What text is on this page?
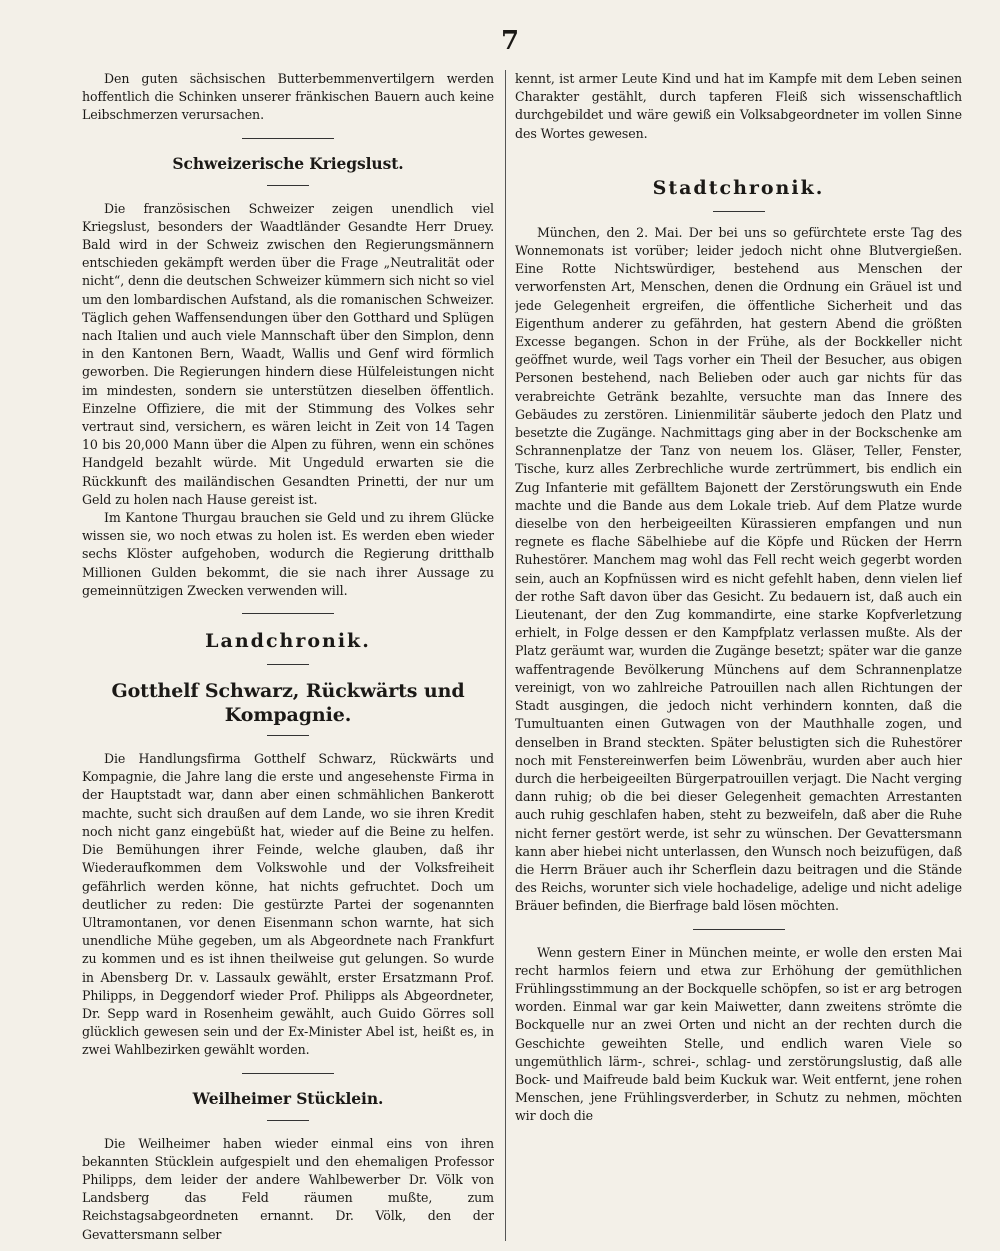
7

Den guten sächsischen Butterbemmenvertilgern werden hoffentlich die Schinken unserer fränkischen Bauern auch keine Leibschmerzen verursachen.

Schweizerische Kriegslust.

Die französischen Schweizer zeigen unendlich viel Kriegslust, besonders der Waadtländer Gesandte Herr Druey. Bald wird in der Schweiz zwischen den Regierungsmännern entschieden gekämpft werden über die Frage „Neutralität oder nicht“, denn die deutschen Schweizer kümmern sich nicht so viel um den lombardischen Aufstand, als die romanischen Schweizer. Täglich gehen Waffensendungen über den Gotthard und Splügen nach Italien und auch viele Mannschaft über den Simplon, denn in den Kantonen Bern, Waadt, Wallis und Genf wird förmlich geworben. Die Regierungen hindern diese Hülfeleistungen nicht im mindesten, sondern sie unterstützen dieselben öffentlich. Einzelne Offiziere, die mit der Stimmung des Volkes sehr vertraut sind, versichern, es wären leicht in Zeit von 14 Tagen 10 bis 20,000 Mann über die Alpen zu führen, wenn ein schönes Handgeld bezahlt würde. Mit Ungeduld erwarten sie die Rückkunft des mailändischen Gesandten Prinetti, der nur um Geld zu holen nach Hause gereist ist.

Im Kantone Thurgau brauchen sie Geld und zu ihrem Glücke wissen sie, wo noch etwas zu holen ist. Es werden eben wieder sechs Klöster aufgehoben, wodurch die Regierung dritthalb Millionen Gulden bekommt, die sie nach ihrer Aussage zu gemeinnützigen Zwecken verwenden will.

Landchronik.
Gotthelf Schwarz, Rückwärts und Kompagnie.

Die Handlungsfirma Gotthelf Schwarz, Rückwärts und Kompagnie, die Jahre lang die erste und angesehenste Firma in der Hauptstadt war, dann aber einen schmählichen Bankerott machte, sucht sich draußen auf dem Lande, wo sie ihren Kredit noch nicht ganz eingebüßt hat, wieder auf die Beine zu helfen. Die Bemühungen ihrer Feinde, welche glauben, daß ihr Wiederaufkommen dem Volkswohle und der Volksfreiheit gefährlich werden könne, hat nichts gefruchtet. Doch um deutlicher zu reden: Die gestürzte Partei der sogenannten Ultramontanen, vor denen Eisenmann schon warnte, hat sich unendliche Mühe gegeben, um als Abgeordnete nach Frankfurt zu kommen und es ist ihnen theilweise gut gelungen. So wurde in Abensberg Dr. v. Lassaulx gewählt, erster Ersatzmann Prof. Philipps, in Deggendorf wieder Prof. Philipps als Abgeordneter, Dr. Sepp ward in Rosenheim gewählt, auch Guido Görres soll glücklich gewesen sein und der Ex-Minister Abel ist, heißt es, in zwei Wahlbezirken gewählt worden.

Weilheimer Stücklein.

Die Weilheimer haben wieder einmal eins von ihren bekannten Stücklein aufgespielt und den ehemaligen Professor Philipps, dem leider der andere Wahlbewerber Dr. Völk von Landsberg das Feld räumen mußte, zum Reichstagsabgeordneten ernannt. Dr. Völk, den der Gevattersmann selber

kennt, ist armer Leute Kind und hat im Kampfe mit dem Leben seinen Charakter gestählt, durch tapferen Fleiß sich wissenschaftlich durchgebildet und wäre gewiß ein Volksabgeordneter im vollen Sinne des Wortes gewesen.

Stadtchronik.

München, den 2. Mai. Der bei uns so gefürchtete erste Tag des Wonnemonats ist vorüber; leider jedoch nicht ohne Blutvergießen. Eine Rotte Nichtswürdiger, bestehend aus Menschen der verworfensten Art, Menschen, denen die Ordnung ein Gräuel ist und jede Gelegenheit ergreifen, die öffentliche Sicherheit und das Eigenthum anderer zu gefährden, hat gestern Abend die größten Excesse begangen. Schon in der Frühe, als der Bockkeller nicht geöffnet wurde, weil Tags vorher ein Theil der Besucher, aus obigen Personen bestehend, nach Belieben oder auch gar nichts für das verabreichte Getränk bezahlte, versuchte man das Innere des Gebäudes zu zerstören. Linienmilitär säuberte jedoch den Platz und besetzte die Zugänge. Nachmittags ging aber in der Bockschenke am Schrannenplatze der Tanz von neuem los. Gläser, Teller, Fenster, Tische, kurz alles Zerbrechliche wurde zertrümmert, bis endlich ein Zug Infanterie mit gefälltem Bajonett der Zerstörungswuth ein Ende machte und die Bande aus dem Lokale trieb. Auf dem Platze wurde dieselbe von den herbeigeeilten Kürassieren empfangen und nun regnete es flache Säbelhiebe auf die Köpfe und Rücken der Herrn Ruhestörer. Manchem mag wohl das Fell recht weich gegerbt worden sein, auch an Kopfnüssen wird es nicht gefehlt haben, denn vielen lief der rothe Saft davon über das Gesicht. Zu bedauern ist, daß auch ein Lieutenant, der den Zug kommandirte, eine starke Kopfverletzung erhielt, in Folge dessen er den Kampfplatz verlassen mußte. Als der Platz geräumt war, wurden die Zugänge besetzt; später war die ganze waffentragende Bevölkerung Münchens auf dem Schrannenplatze vereinigt, von wo zahlreiche Patrouillen nach allen Richtungen der Stadt ausgingen, die jedoch nicht verhindern konnten, daß die Tumultuanten einen Gutwagen von der Mauthhalle zogen, und denselben in Brand steckten. Später belustigten sich die Ruhestörer noch mit Fenstereinwerfen beim Löwenbräu, wurden aber auch hier durch die herbeigeeilten Bürgerpatrouillen verjagt. Die Nacht verging dann ruhig; ob die bei dieser Gelegenheit gemachten Arrestanten auch ruhig geschlafen haben, steht zu bezweifeln, daß aber die Ruhe nicht ferner gestört werde, ist sehr zu wünschen. Der Gevattersmann kann aber hiebei nicht unterlassen, den Wunsch noch beizufügen, daß die Herrn Bräuer auch ihr Scherflein dazu beitragen und die Stände des Reichs, worunter sich viele hochadelige, adelige und nicht adelige Bräuer befinden, die Bierfrage bald lösen möchten.

Wenn gestern Einer in München meinte, er wolle den ersten Mai recht harmlos feiern und etwa zur Erhöhung der gemüthlichen Frühlingsstimmung an der Bockquelle schöpfen, so ist er arg betrogen worden. Einmal war gar kein Maiwetter, dann zweitens strömte die Bockquelle nur an zwei Orten und nicht an der rechten durch die Geschichte geweihten Stelle, und endlich waren Viele so ungemüthlich lärm-, schrei-, schlag- und zerstörungslustig, daß alle Bock- und Maifreude bald beim Kuckuk war. Weit entfernt, jene rohen Menschen, jene Frühlingsverderber, in Schutz zu nehmen, möchten wir doch die
